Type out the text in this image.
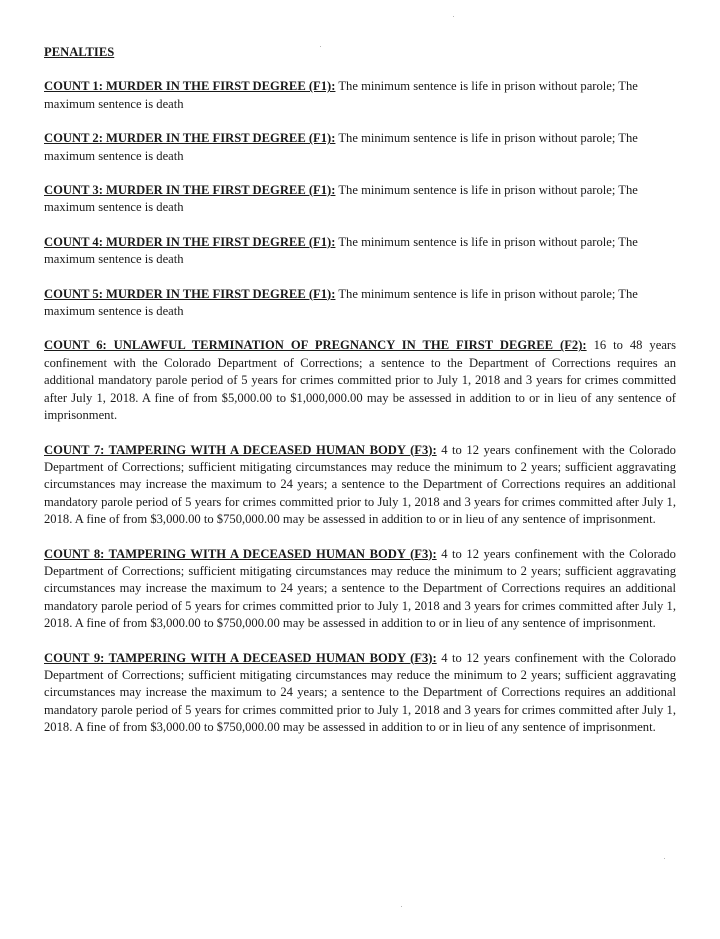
PENALTIES

COUNT 1: MURDER IN THE FIRST DEGREE (F1): The minimum sentence is life in prison without parole; The maximum sentence is death

COUNT 2: MURDER IN THE FIRST DEGREE (F1): The minimum sentence is life in prison without parole; The maximum sentence is death

COUNT 3: MURDER IN THE FIRST DEGREE (F1): The minimum sentence is life in prison without parole; The maximum sentence is death

COUNT 4: MURDER IN THE FIRST DEGREE (F1): The minimum sentence is life in prison without parole; The maximum sentence is death

COUNT 5: MURDER IN THE FIRST DEGREE (F1): The minimum sentence is life in prison without parole; The maximum sentence is death

COUNT 6: UNLAWFUL TERMINATION OF PREGNANCY IN THE FIRST DEGREE (F2): 16 to 48 years confinement with the Colorado Department of Corrections; a sentence to the Department of Corrections requires an additional mandatory parole period of 5 years for crimes committed prior to July 1, 2018 and 3 years for crimes committed after July 1, 2018. A fine of from $5,000.00 to $1,000,000.00 may be assessed in addition to or in lieu of any sentence of imprisonment.

COUNT 7: TAMPERING WITH A DECEASED HUMAN BODY (F3): 4 to 12 years confinement with the Colorado Department of Corrections; sufficient mitigating circumstances may reduce the minimum to 2 years; sufficient aggravating circumstances may increase the maximum to 24 years; a sentence to the Department of Corrections requires an additional mandatory parole period of 5 years for crimes committed prior to July 1, 2018 and 3 years for crimes committed after July 1, 2018. A fine of from $3,000.00 to $750,000.00 may be assessed in addition to or in lieu of any sentence of imprisonment.

COUNT 8: TAMPERING WITH A DECEASED HUMAN BODY (F3): 4 to 12 years confinement with the Colorado Department of Corrections; sufficient mitigating circumstances may reduce the minimum to 2 years; sufficient aggravating circumstances may increase the maximum to 24 years; a sentence to the Department of Corrections requires an additional mandatory parole period of 5 years for crimes committed prior to July 1, 2018 and 3 years for crimes committed after July 1, 2018. A fine of from $3,000.00 to $750,000.00 may be assessed in addition to or in lieu of any sentence of imprisonment.

COUNT 9: TAMPERING WITH A DECEASED HUMAN BODY (F3): 4 to 12 years confinement with the Colorado Department of Corrections; sufficient mitigating circumstances may reduce the minimum to 2 years; sufficient aggravating circumstances may increase the maximum to 24 years; a sentence to the Department of Corrections requires an additional mandatory parole period of 5 years for crimes committed prior to July 1, 2018 and 3 years for crimes committed after July 1, 2018. A fine of from $3,000.00 to $750,000.00 may be assessed in addition to or in lieu of any sentence of imprisonment.
